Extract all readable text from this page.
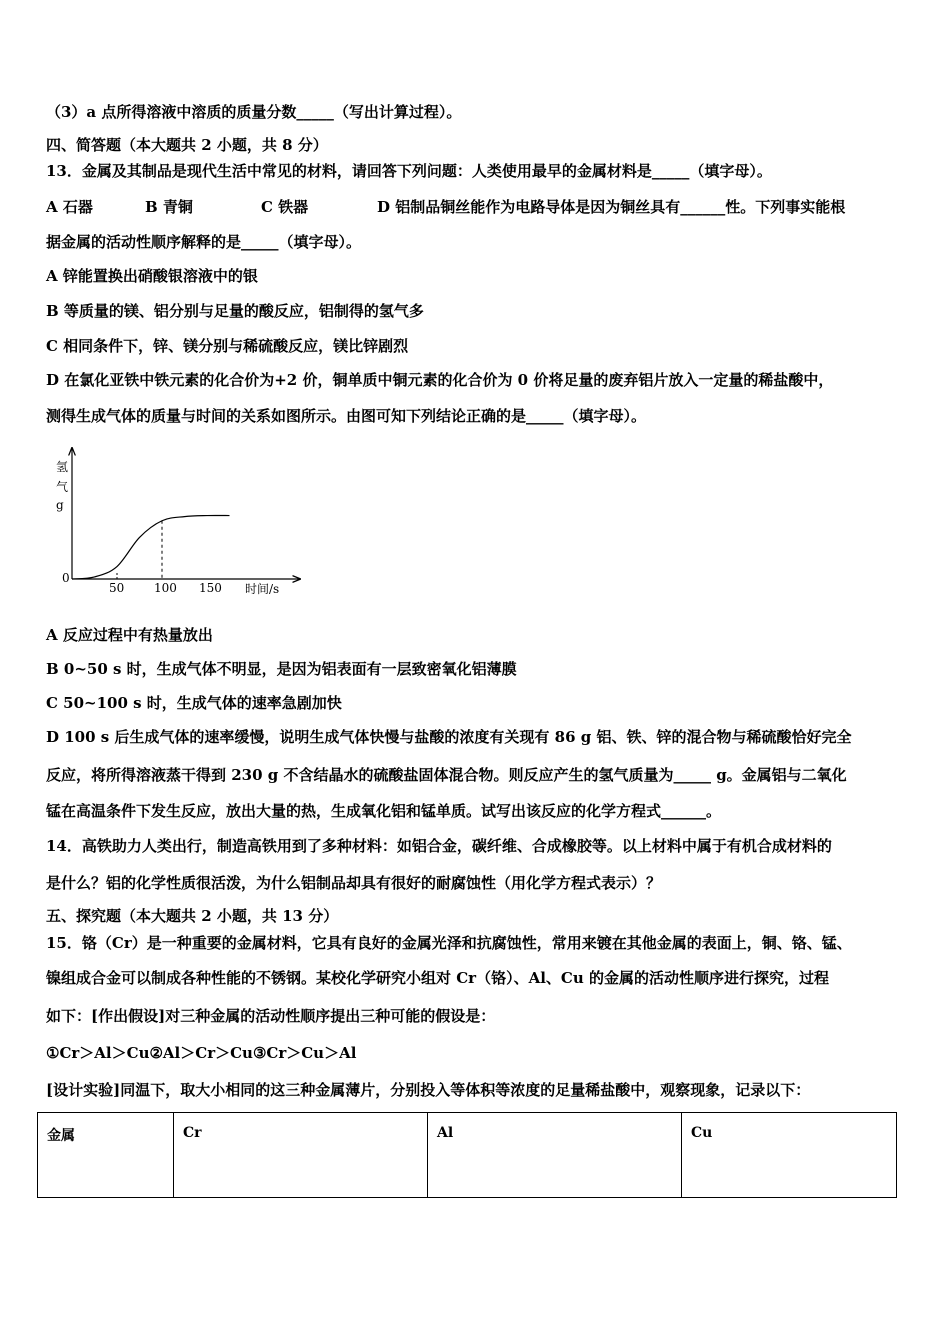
（3）a 点所得溶液中溶质的质量分数_____（写出计算过程）。
四、简答题（本大题共 2 小题，共 8 分）
13．金属及其制品是现代生活中常见的材料，请回答下列问题：人类使用最早的金属材料是_____（填字母）。
A 石器	B 青铜	C 铁器	D 铝制品铜丝能作为电路导体是因为铜丝具有______性。下列事实能根
据金属的活动性顺序解释的是_____（填字母）。
A 锌能置换出硝酸银溶液中的银
B 等质量的镁、铝分别与足量的酸反应，铝制得的氢气多
C 相同条件下，锌、镁分别与稀硫酸反应，镁比锌剧烈
D 在氯化亚铁中铁元素的化合价为+2 价，铜单质中铜元素的化合价为 0 价将足量的废弃铝片放入一定量的稀盐酸中，
测得生成气体的质量与时间的关系如图所示。由图可知下列结论正确的是_____（填字母）。
氢
气
g
0
时间/s
50 100 150
A 反应过程中有热量放出
B 0~50 s 时，生成气体不明显，是因为铝表面有一层致密氧化铝薄膜
C 50~100 s 时，生成气体的速率急剧加快
D 100 s 后生成气体的速率缓慢，说明生成气体快慢与盐酸的浓度有关现有 86 g 铝、铁、锌的混合物与稀硫酸恰好完全
反应，将所得溶液蒸干得到 230 g 不含结晶水的硫酸盐固体混合物。则反应产生的氢气质量为_____ g。金属铝与二氧化
锰在高温条件下发生反应，放出大量的热，生成氧化铝和锰单质。试写出该反应的化学方程式______。
14．高铁助力人类出行，制造高铁用到了多种材料：如铝合金，碳纤维、合成橡胶等。以上材料中属于有机合成材料的
是什么？铝的化学性质很活泼，为什么铝制品却具有很好的耐腐蚀性（用化学方程式表示）？
五、探究题（本大题共 2 小题，共 13 分）
15．铬（Cr）是一种重要的金属材料，它具有良好的金属光泽和抗腐蚀性，常用来镀在其他金属的表面上，铜、铬、锰、
镍组成合金可以制成各种性能的不锈钢。某校化学研究小组对 Cr（铬）、Al、Cu 的金属的活动性顺序进行探究，过程
如下：[作出假设]对三种金属的活动性顺序提出三种可能的假设是：
①Cr＞Al＞Cu②Al＞Cr＞Cu③Cr＞Cu＞Al
[设计实验]同温下，取大小相同的这三种金属薄片，分别投入等体积等浓度的足量稀盐酸中，观察现象，记录以下：
金属	Cr	Al	Cu
